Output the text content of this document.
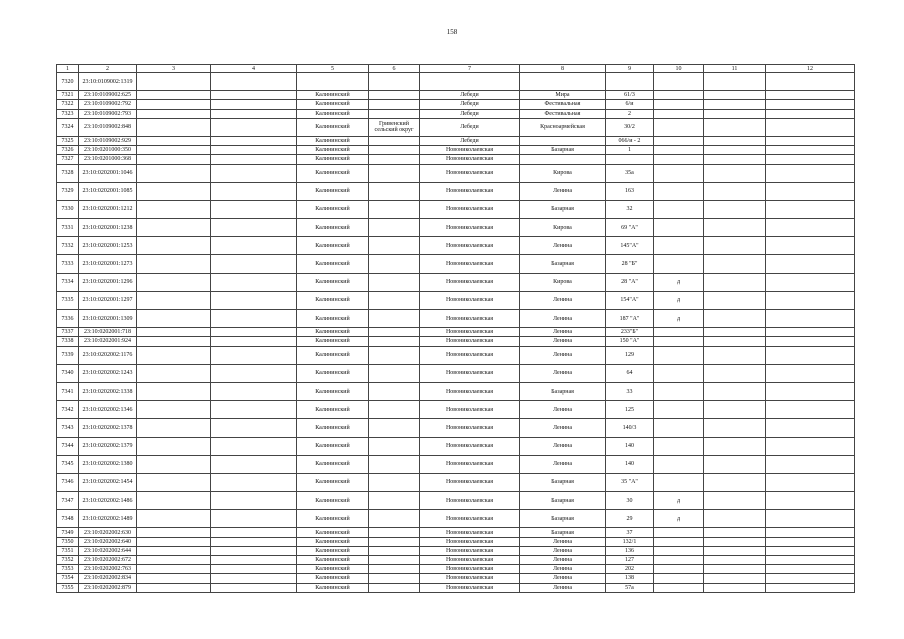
158
1	2	3	4	5	6	7	8	9	10	11	12
7320	23:10:0109002:1319										
7321	23:10:0109002:625			Калининский		Лебеди	Мира	61/3			
7322	23:10:0109002:792			Калининский		Лебеди	Фестивальная	6/и			
7323	23:10:0109002:793			Калининский		Лебеди	Фестивальная	2			
7324	23:10:0109002:848			Калининский	Гривенский сельский округ	Лебеди	Красноармейская	30/2			
7325	23:10:0109002:929			Калининский		Лебеди		066/и - 2			
7326	23:10:0201000:350			Калининский		Новониколаевская	Базарная	1			
7327	23:10:0201000:368			Калининский		Новониколаевская					
7328	23:10:0202001:1046			Калининский		Новониколаевская	Кирова	35а			
7329	23:10:0202001:1085			Калининский		Новониколаевская	Ленина	163			
7330	23:10:0202001:1212			Калининский		Новониколаевская	Базарная	32			
7331	23:10:0202001:1238			Калининский		Новониколаевская	Кирова	69 "А"			
7332	23:10:0202001:1253			Калининский		Новониколаевская	Ленина	145"А"			
7333	23:10:0202001:1273			Калининский		Новониколаевская	Базарная	28 "Б"			
7334	23:10:0202001:1296			Калининский		Новониколаевская	Кирова	28 "А"	д		
7335	23:10:0202001:1297			Калининский		Новониколаевская	Ленина	154"А"	д		
7336	23:10:0202001:1309			Калининский		Новониколаевская	Ленина	187 "А"	д		
7337	23:10:0202001:718			Калининский		Новониколаевская	Ленина	233"Б"			
7338	23:10:0202001:924			Калининский		Новониколаевская	Ленина	150 "А"			
7339	23:10:0202002:1176			Калининский		Новониколаевская	Ленина	129			
7340	23:10:0202002:1243			Калининский		Новониколаевская	Ленина	64			
7341	23:10:0202002:1338			Калининский		Новониколаевская	Базарная	33			
7342	23:10:0202002:1346			Калининский		Новониколаевская	Ленина	125			
7343	23:10:0202002:1378			Калининский		Новониколаевская	Ленина	140/3			
7344	23:10:0202002:1379			Калининский		Новониколаевская	Ленина	140			
7345	23:10:0202002:1380			Калининский		Новониколаевская	Ленина	140			
7346	23:10:0202002:1454			Калининский		Новониколаевская	Базарная	35 "А"			
7347	23:10:0202002:1486			Калининский		Новониколаевская	Базарная	30	д		
7348	23:10:0202002:1489			Калининский		Новониколаевская	Базарная	29	д		
7349	23:10:0202002:630			Калининский		Новониколаевская	Базарная	37			
7350	23:10:0202002:640			Калининский		Новониколаевская	Ленина	132/1			
7351	23:10:0202002:644			Калининский		Новониколаевская	Ленина	136			
7352	23:10:0202002:672			Калининский		Новониколаевская	Ленина	127			
7353	23:10:0202002:763			Калининский		Новониколаевская	Ленина	202			
7354	23:10:0202002:834			Калининский		Новониколаевская	Ленина	138			
7355	23:10:0202002:879			Калининский		Новониколаевская	Ленина	57а			
